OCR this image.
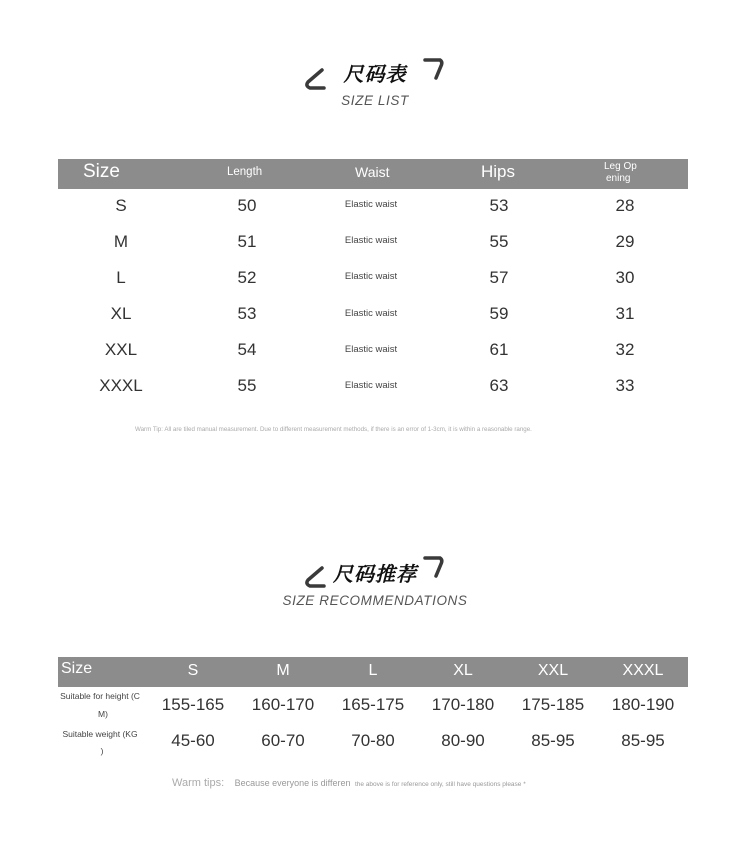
尺码表
SIZE LIST
Size	Length	Waist	Hips	Leg Op
ening
S	50	Elastic waist	53	28
M	51	Elastic waist	55	29
L	52	Elastic waist	57	30
XL	53	Elastic waist	59	31
XXL	54	Elastic waist	61	32
XXXL	55	Elastic waist	63	33
Warm Tip: All are tiled manual measurement. Due to different measurement methods, if there is an error of 1-3cm, it is within a reasonable range.
尺码推荐
SIZE RECOMMENDATIONS
Size	S	M	L	XL	XXL	XXXL
Suitable for height (C
M)	155-165 160-170 165-175 170-180 175-185 180-190
Suitable weight (KG
)
45-60	60-70	70-80	80-90	85-95	85-95
Warm tips: Because everyone is differen the above is for reference only, still have questions please *
